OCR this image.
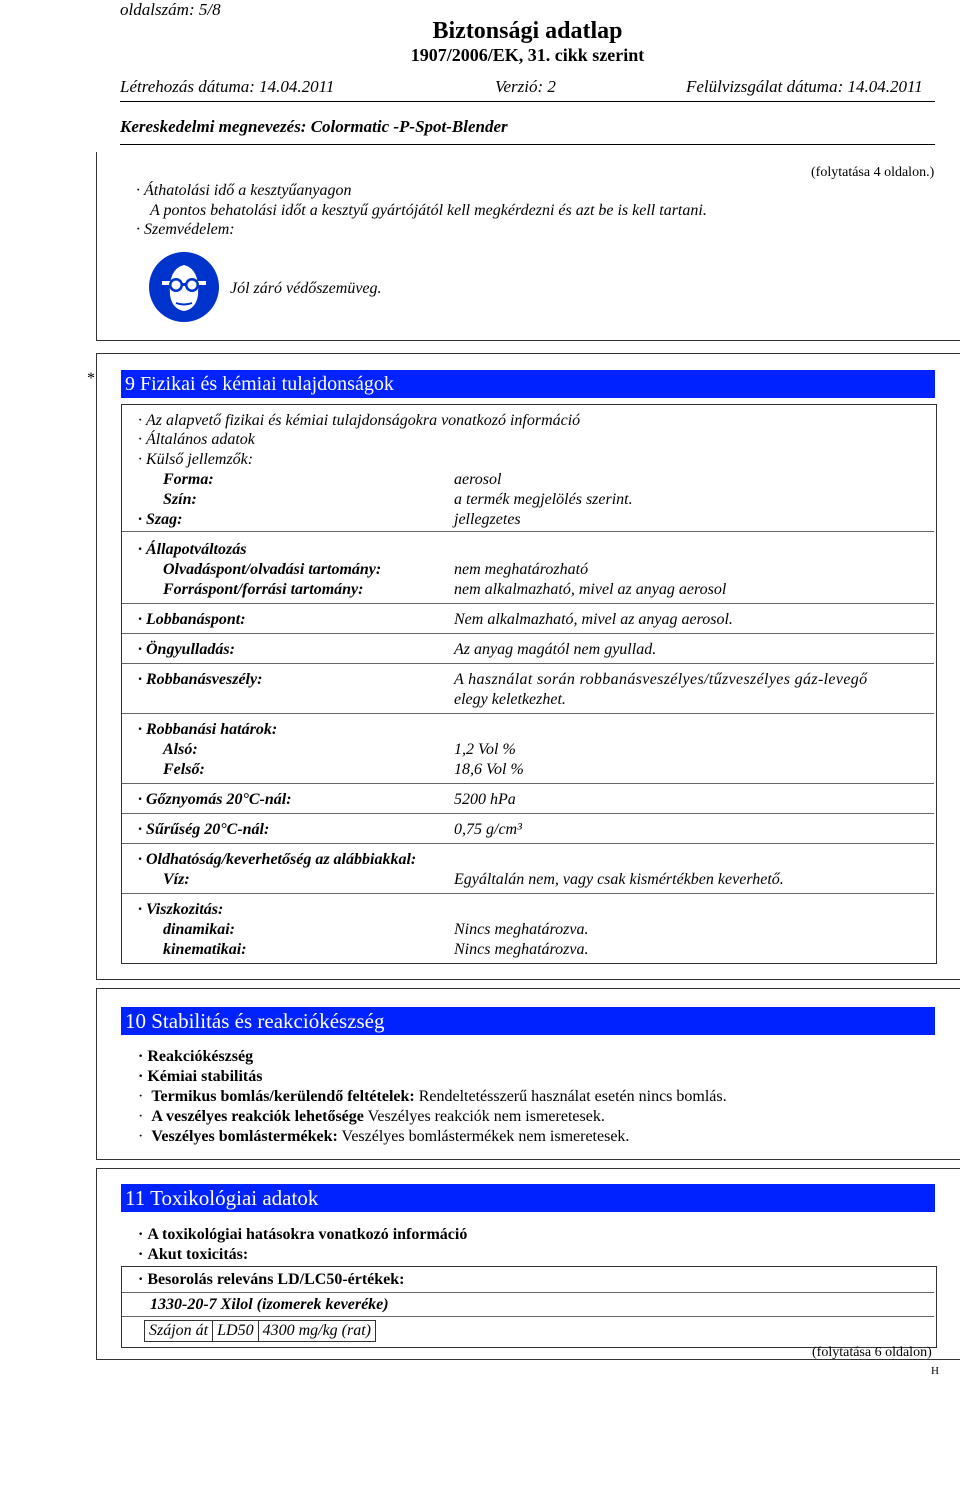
oldalszám: 5/8
Biztonsági adatlap
1907/2006/EK, 31. cikk szerint
Létrehozás dátuma: 14.04.2011	Verzió: 2	Felülvizsgálat dátuma: 14.04.2011
Kereskedelmi megnevezés: Colormatic -P-Spot-Blender
(folytatása 4 oldalon.)
· Áthatolási idő a kesztyűanyagon
A pontos behatolási időt a kesztyű gyártójától kell megkérdezni és azt be is kell tartani.
· Szemvédelem:
Jól záró védőszemüveg.
* 9 Fizikai és kémiai tulajdonságok
· Az alapvető fizikai és kémiai tulajdonságokra vonatkozó információ
· Általános adatok
· Külső jellemzők:
Forma:	aerosol
Szín:	a termék megjelölés szerint.
· Szag:	jellegzetes
· Állapotváltozás
Olvadáspont/olvadási tartomány:	nem meghatározható
Forráspont/forrási tartomány:	nem alkalmazható, mivel az anyag aerosol
· Lobbanáspont:	Nem alkalmazható, mivel az anyag aerosol.
· Öngyulladás:	Az anyag magától nem gyullad.
· Robbanásveszély:	A használat során robbanásveszélyes/tűzveszélyes gáz-levegő
elegy keletkezhet.
· Robbanási határok:
Alsó:	1,2 Vol %
Felső:	18,6 Vol %
· Gőznyomás 20°C-nál:	5200 hPa
· Sűrűség 20°C-nál:	0,75 g/cm³
· Oldhatóság/keverhetőség az alábbiakkal:
Víz:	Egyáltalán nem, vagy csak kismértékben keverhető.
· Viszkozitás:
dinamikai:	Nincs meghatározva.
kinematikai:	Nincs meghatározva.
10 Stabilitás és reakciókészség
· Reakciókészség
· Kémiai stabilitás
· Termikus bomlás/kerülendő feltételek: Rendeltetésszerű használat esetén nincs bomlás.
· A veszélyes reakciók lehetősége Veszélyes reakciók nem ismeretesek.
· Veszélyes bomlástermékek: Veszélyes bomlástermékek nem ismeretesek.
11 Toxikológiai adatok
· A toxikológiai hatásokra vonatkozó információ
· Akut toxicitás:
· Besorolás releváns LD/LC50-értékek:
1330-20-7 Xilol (izomerek keveréke)
Szájon át	LD50	4300 mg/kg (rat)
(folytatása 6 oldalon)
H
